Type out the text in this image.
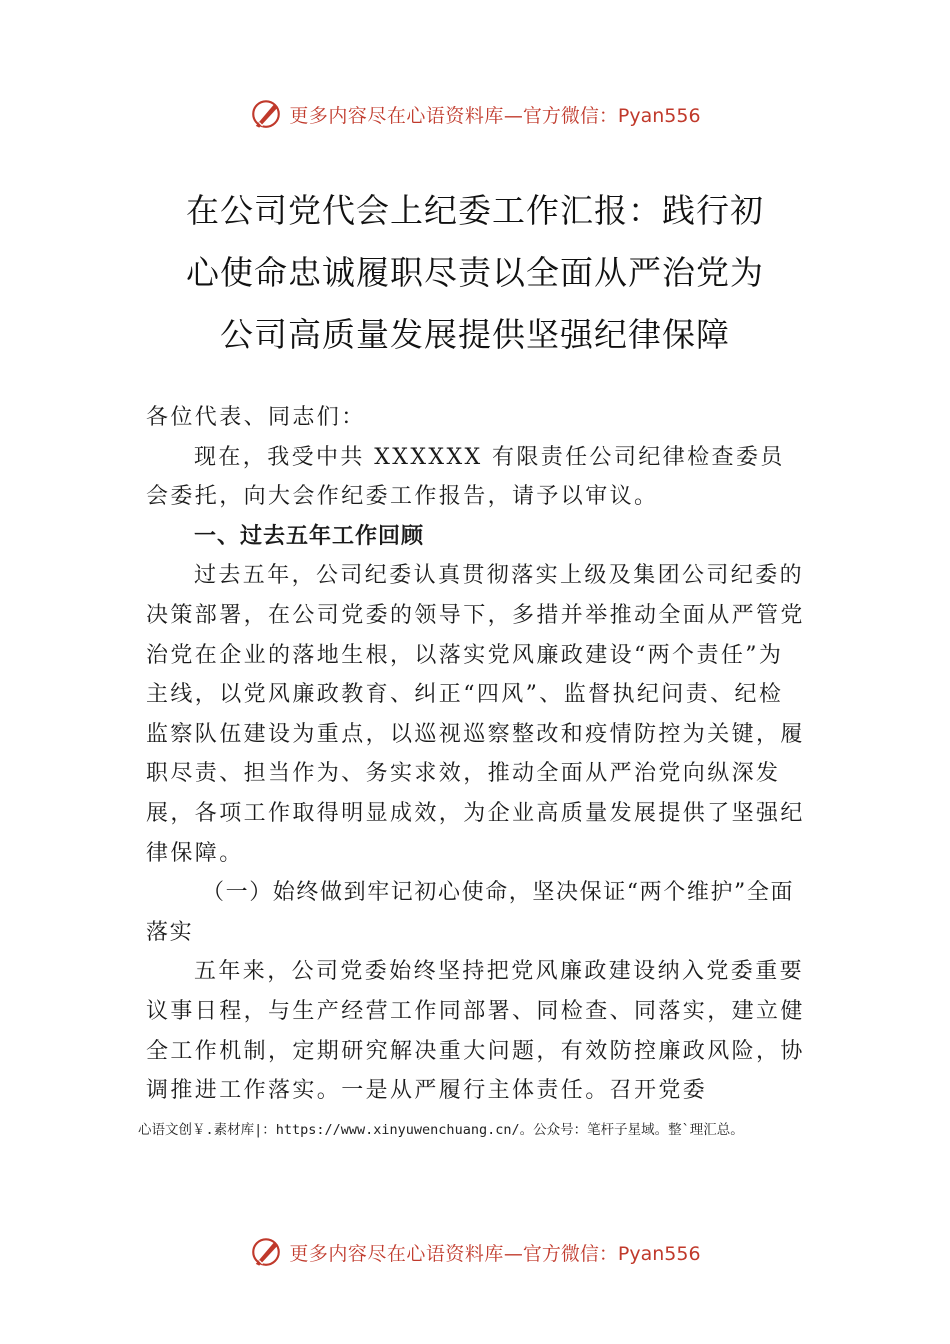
更多内容尽在心语资料库 —官方微信：Pyan556
在公司党代会上纪委工作汇报：践行初
心使命忠诚履职尽责以全面从严治党为
公司高质量发展提供坚强纪律保障

各位代表、同志们：

现在，我受中共 XXXXXX 有限责任公司纪律检查委员会委托，向大会作纪委工作报告，请予以审议。

一、过去五年工作回顾

过去五年，公司纪委认真贯彻落实上级及集团公司纪委的决策部署，在公司党委的领导下，多措并举推动全面从严管党治党在企业的落地生根，以落实党风廉政建设“两个责任”为主线，以党风廉政教育、纠正“四风”、监督执纪问责、纪检监察队伍建设为重点，以巡视巡察整改和疫情防控为关键，履职尽责、担当作为、务实求效，推动全面从严治党向纵深发展，各项工作取得明显成效，为企业高质量发展提供了坚强纪律保障。

（一）始终做到牢记初心使命，坚决保证“两个维护”全面落实

五年来，公司党委始终坚持把党风廉政建设纳入党委重要议事日程，与生产经营工作同部署、同检查、同落实，建立健全工作机制，定期研究解决重大问题，有效防控廉政风险，协调推进工作落实。一是从严履行主体责任。召开党委

心语文创￥.素材库|：https://www.xinyuwenchuang.cn/。公众号：笔杆子星域。整`理汇总。
更多内容尽在心语资料库 —官方微信：Pyan556
